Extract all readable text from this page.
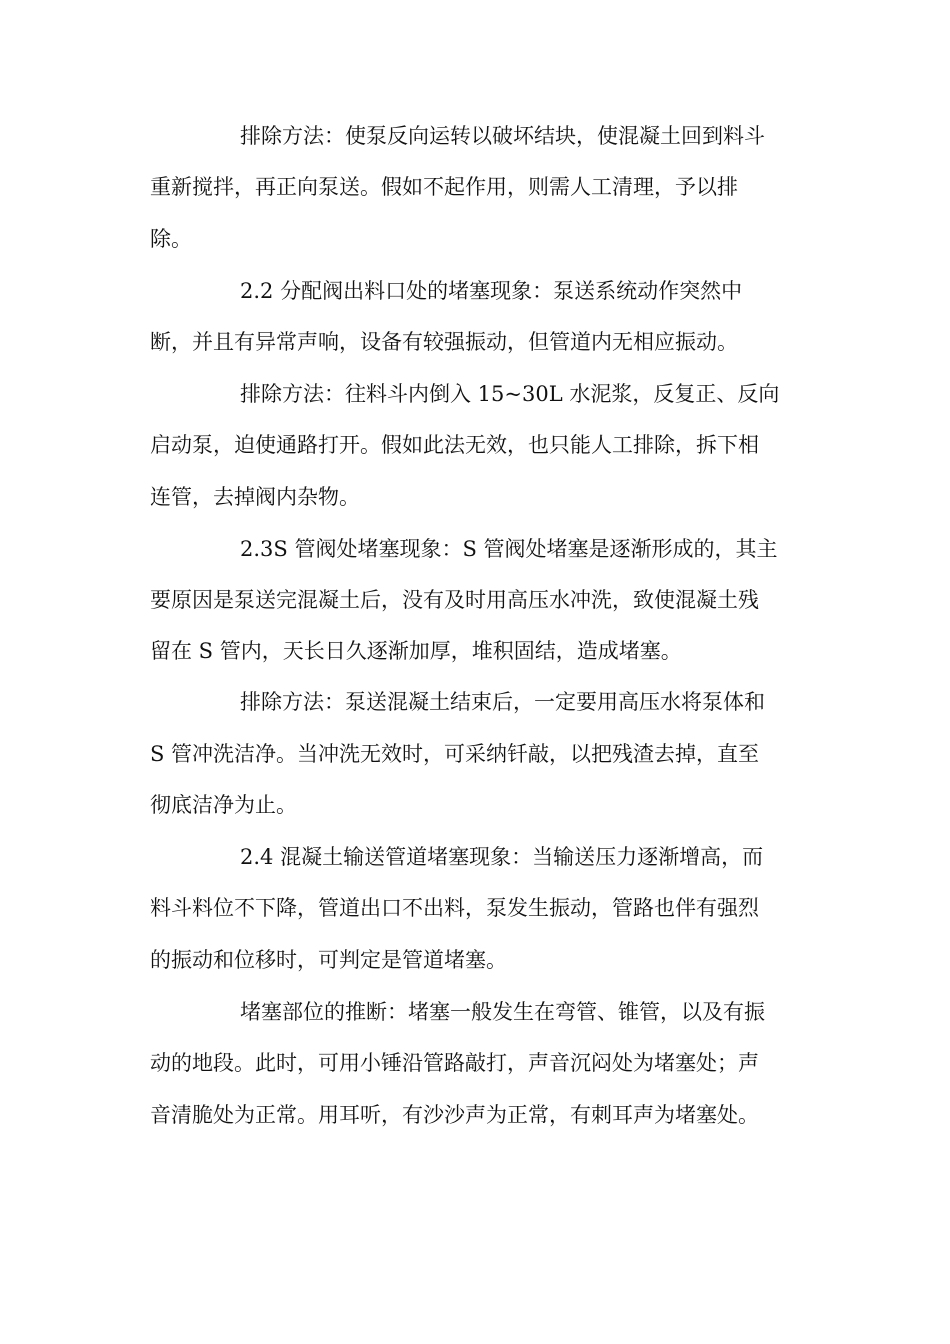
排除方法：使泵反向运转以破坏结块，使混凝土回到料斗
重新搅拌，再正向泵送。假如不起作用，则需人工清理，予以排
除。
2.2 分配阀出料口处的堵塞现象：泵送系统动作突然中
断，并且有异常声响，设备有较强振动，但管道内无相应振动。
排除方法：往料斗内倒入 15~30L 水泥浆，反复正、反向
启动泵，迫使通路打开。假如此法无效，也只能人工排除，拆下相
连管，去掉阀内杂物。
2.3S 管阀处堵塞现象：S 管阀处堵塞是逐渐形成的，其主
要原因是泵送完混凝土后，没有及时用高压水冲洗，致使混凝土残
留在 S 管内，天长日久逐渐加厚，堆积固结，造成堵塞。
排除方法：泵送混凝土结束后，一定要用高压水将泵体和
S 管冲洗洁净。当冲洗无效时，可采纳钎敲，以把残渣去掉，直至
彻底洁净为止。
2.4 混凝土输送管道堵塞现象：当输送压力逐渐增高，而
料斗料位不下降，管道出口不出料，泵发生振动，管路也伴有强烈
的振动和位移时，可判定是管道堵塞。
堵塞部位的推断：堵塞一般发生在弯管、锥管，以及有振
动的地段。此时，可用小锤沿管路敲打，声音沉闷处为堵塞处；声
音清脆处为正常。用耳听，有沙沙声为正常，有刺耳声为堵塞处。
